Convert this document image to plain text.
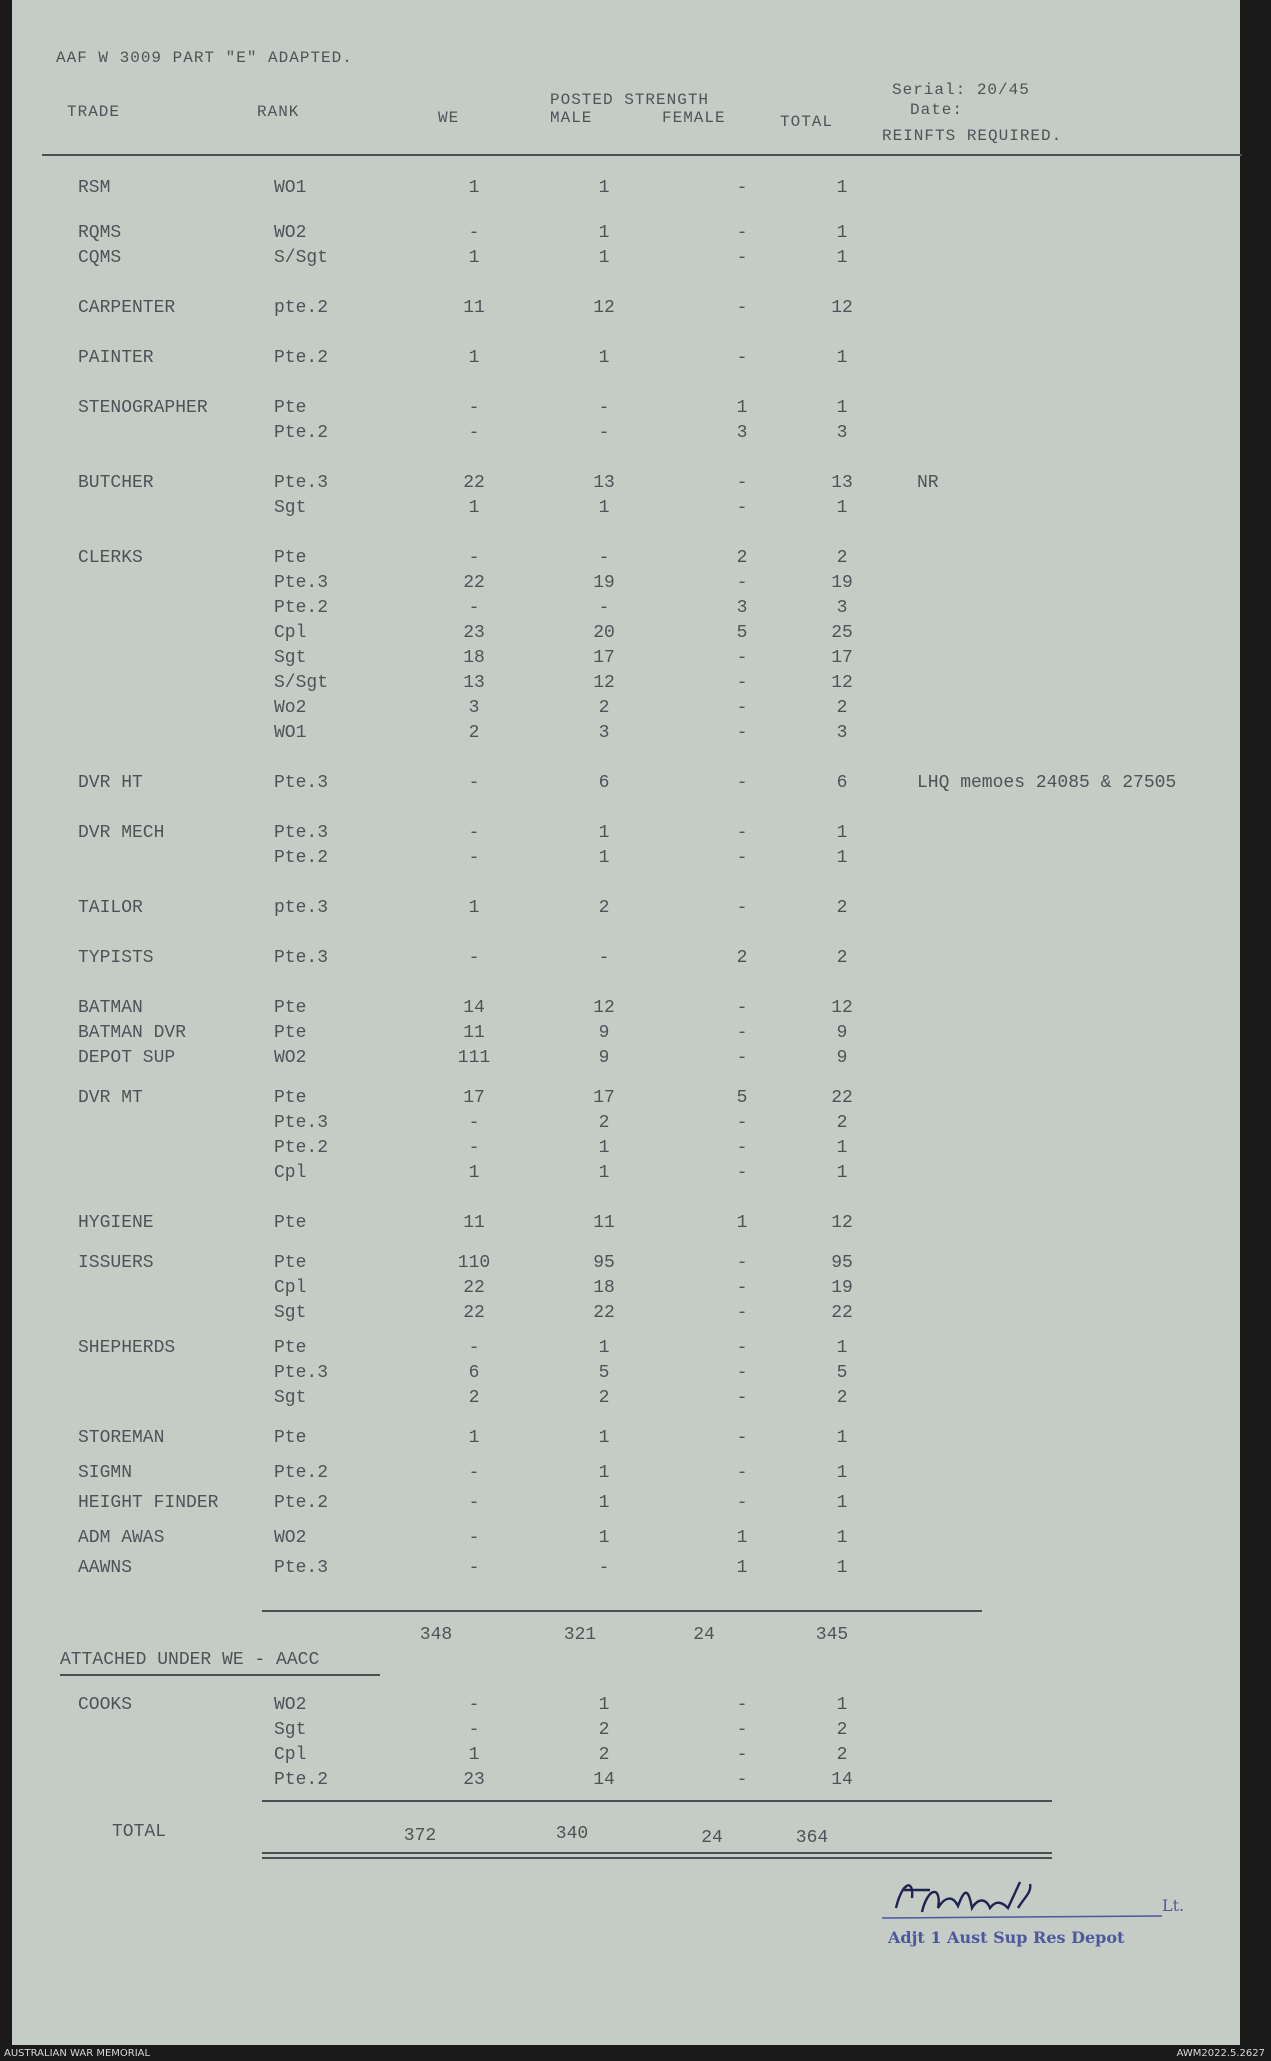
AAF W 3009 PART "E" ADAPTED.
Serial: 20/45
Date:
TRADE	RANK	WE
POSTED STRENGTH
MALE	FEMALE	TOTAL
REINFTS REQUIRED.
RSM	WO1	1	1	-	1
RQMS	WO2	-	1	-	1
CQMS	S/Sgt	1	1	-	1
CARPENTER	pte.2	11	12	-	12
PAINTER	Pte.2	1	1	-	1
STENOGRAPHER	Pte	-	-	1	1
Pte.2	-	-	3	3
BUTCHER	Pte.3	22	13	-	13	NR
Sgt	1	1	-	1
CLERKS	Pte	-	-	2	2
Pte.3	22	19	-	19
Pte.2	-	-	3	3
Cpl	23	20	5	25
Sgt	18	17	-	17
S/Sgt	13	12	-	12
Wo2	3	2	-	2
WO1	2	3	-	3
DVR HT	Pte.3	-	6	-	6	LHQ memoes 24085 & 27505
DVR MECH	Pte.3	-	1	-	1
Pte.2	-	1	-	1
TAILOR	pte.3	1	2	-	2
TYPISTS	Pte.3	-	-	2	2
BATMAN	Pte	14	12	-	12
BATMAN DVR	Pte	11	9	-	9
DEPOT SUP	WO2	111	9	-	9
DVR MT	Pte	17	17	5	22
Pte.3	-	2	-	2
Pte.2	-	1	-	1
Cpl	1	1	-	1
HYGIENE	Pte	11	11	1	12
ISSUERS	Pte	110	95	-	95
Cpl	22	18	-	19
Sgt	22	22	-	22
SHEPHERDS	Pte	-	1	-	1
Pte.3	6	5	-	5
Sgt	2	2	-	2
STOREMAN	Pte	1	1	-	1
SIGMN	Pte.2	-	1	-	1
HEIGHT FINDER	Pte.2	-	1	-	1
ADM AWAS	WO2	-	1	1	1
AAWNS	Pte.3	-	-	1	1
348	321	24	345
ATTACHED UNDER WE - AACC
COOKS	WO2	-	1	-	1
Sgt	-	2	-	2
Cpl	1	2	-	2
Pte.2	23	14	-	14
TOTAL	372	340	24	364
Lt.
Adjt 1 Aust Sup Res Depot
AUSTRALIAN WAR MEMORIAL	AWM2022.5.2627
